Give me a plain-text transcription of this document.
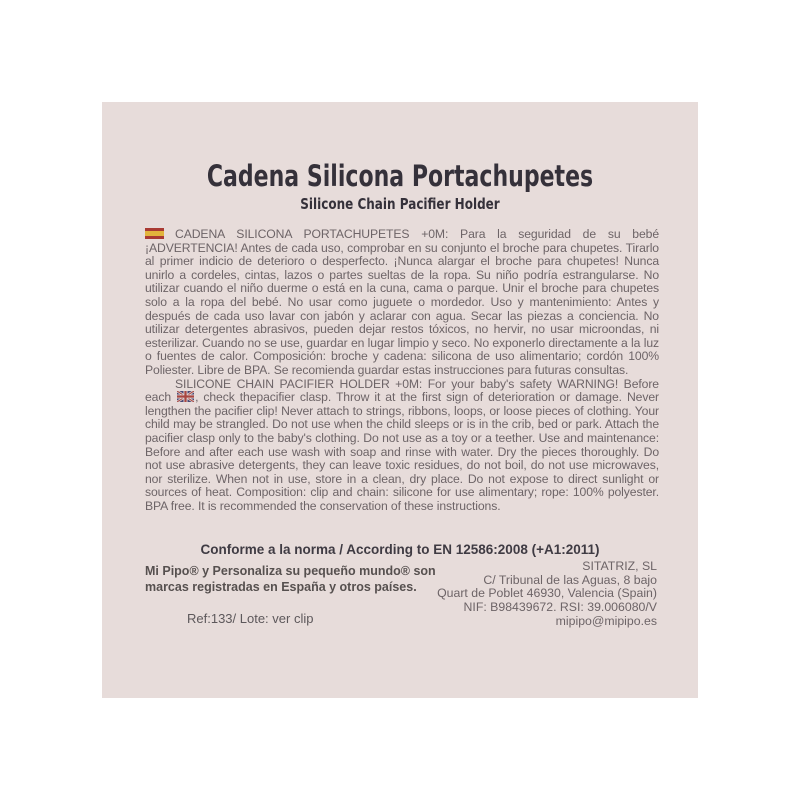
Cadena Silicona Portachupetes
Silicone Chain Pacifier Holder

CADENA SILICONA PORTACHUPETES +0M: Para la seguridad de su bebé ¡ADVERTENCIA! Antes de cada uso, comprobar en su conjunto el broche para chupetes. Tirarlo al primer indicio de deterioro o desperfecto. ¡Nunca alargar el broche para chupetes! Nunca unirlo a cordeles, cintas, lazos o partes sueltas de la ropa. Su niño podría estrangularse. No utilizar cuando el niño duerme o está en la cuna, cama o parque. Unir el broche para chupetes solo a la ropa del bebé. No usar como juguete o mordedor. Uso y mantenimiento: Antes y después de cada uso lavar con jabón y aclarar con agua. Secar las piezas a conciencia. No utilizar detergentes abrasivos, pueden dejar restos tóxicos, no hervir, no usar microondas, ni esterilizar. Cuando no se use, guardar en lugar limpio y seco. No exponerlo directamente a la luz o fuentes de calor. Composición: broche y cadena: silicona de uso alimentario; cordón 100% Poliester. Libre de BPA. Se recomienda guardar estas instrucciones para futuras consultas.

SILICONE CHAIN PACIFIER HOLDER +0M: For your baby's safety WARNING! Before each , check thepacifier clasp. Throw it at the first sign of deterioration or damage. Never lengthen the pacifier clip! Never attach to strings, ribbons, loops, or loose pieces of clothing. Your child may be strangled. Do not use when the child sleeps or is in the crib, bed or park. Attach the pacifier clasp only to the baby's clothing. Do not use as a toy or a teether. Use and maintenance: Before and after each use wash with soap and rinse with water. Dry the pieces thoroughly. Do not use abrasive detergents, they can leave toxic residues, do not boil, do not use microwaves, nor sterilize. When not in use, store in a clean, dry place. Do not expose to direct sunlight or sources of heat. Composition: clip and chain: silicone for use alimentary; rope: 100% polyester. BPA free. It is recommended the conservation of these instructions.

Conforme a la norma / According to EN 12586:2008 (+A1:2011)
Mi Pipo® y Personaliza su pequeño mundo® son
marcas registradas en España y otros países.
Ref:133/ Lote: ver clip
SITATRIZ, SL
C/ Tribunal de las Aguas, 8 bajo
Quart de Poblet 46930, Valencia (Spain)
NIF: B98439672. RSI: 39.006080/V
mipipo@mipipo.es
